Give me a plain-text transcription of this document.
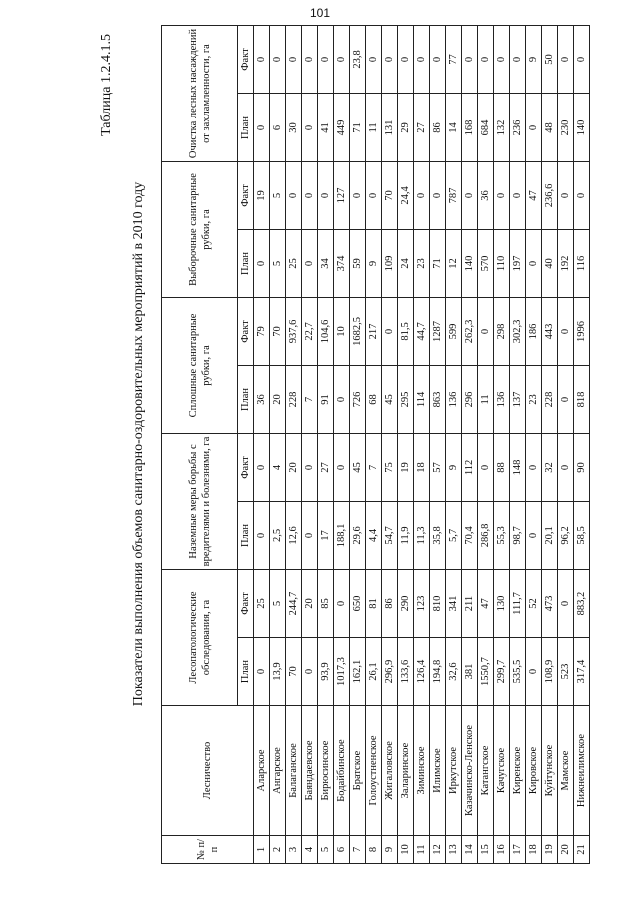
101
Таблица 1.2.4.1.5
Показатели выполнения объемов санитарно-оздоровительных мероприятий в 2010 году
№ п/п	Лесничество	Лесопатологические обследования, га		Наземные меры борьбы с вредителями и болезнями, га		Сплошные санитарные рубки, га		Выборочные санитарные рубки, га		Очистка лесных насаждений от захламленности, га	
		План	Факт	План	Факт	План	Факт	План	Факт	План	Факт
1	Аларское	0	25	0	0	36	79	0	19	0	0
2	Ангарское	13,9	5	2,5	4	20	70	5	5	6	0
3	Балаганское	70	244,7	12,6	20	228	937,6	25	0	30	0
4	Баяндаевское	0	20	0	0	7	22,7	0	0	0	0
5	Бирюсинское	93,9	85	17	27	91	104,6	34	0	41	0
6	Бодайбинское	1017,3	0	188,1	0	0	10	374	127	449	0
7	Братское	162,1	650	29,6	45	726	1682,5	59	0	71	23,8
8	Голоустненское	26,1	81	4,4	7	68	217	9	0	11	0
9	Жигаловское	296,9	86	54,7	75	45	0	109	70	131	0
10	Заларинское	133,6	290	11,9	19	295	81,5	24	24,4	29	0
11	Зиминское	126,4	123	11,3	18	114	44,7	23	0	27	0
12	Илимское	194,8	810	35,8	57	863	1287	71	0	86	0
13	Иркутское	32,6	341	5,7	9	136	599	12	787	14	77
14	Казачинско-Ленское	381	211	70,4	112	296	262,3	140	0	168	0
15	Катангское	1550,7	47	286,8	0	11	0	570	36	684	0
16	Качугское	299,7	130	55,3	88	136	298	110	0	132	0
17	Киренское	535,5	111,7	98,7	148	137	302,3	197	0	236	0
18	Кировское	0	52	0	0	23	186	0	47	0	9
19	Куйтунское	108,9	473	20,1	32	228	443	40	236,6	48	50
20	Мамское	523	0	96,2	0	0	0	192	0	230	0
21	Нижнеилимское	317,4	883,2	58,5	90	818	1996	116	0	140	0
